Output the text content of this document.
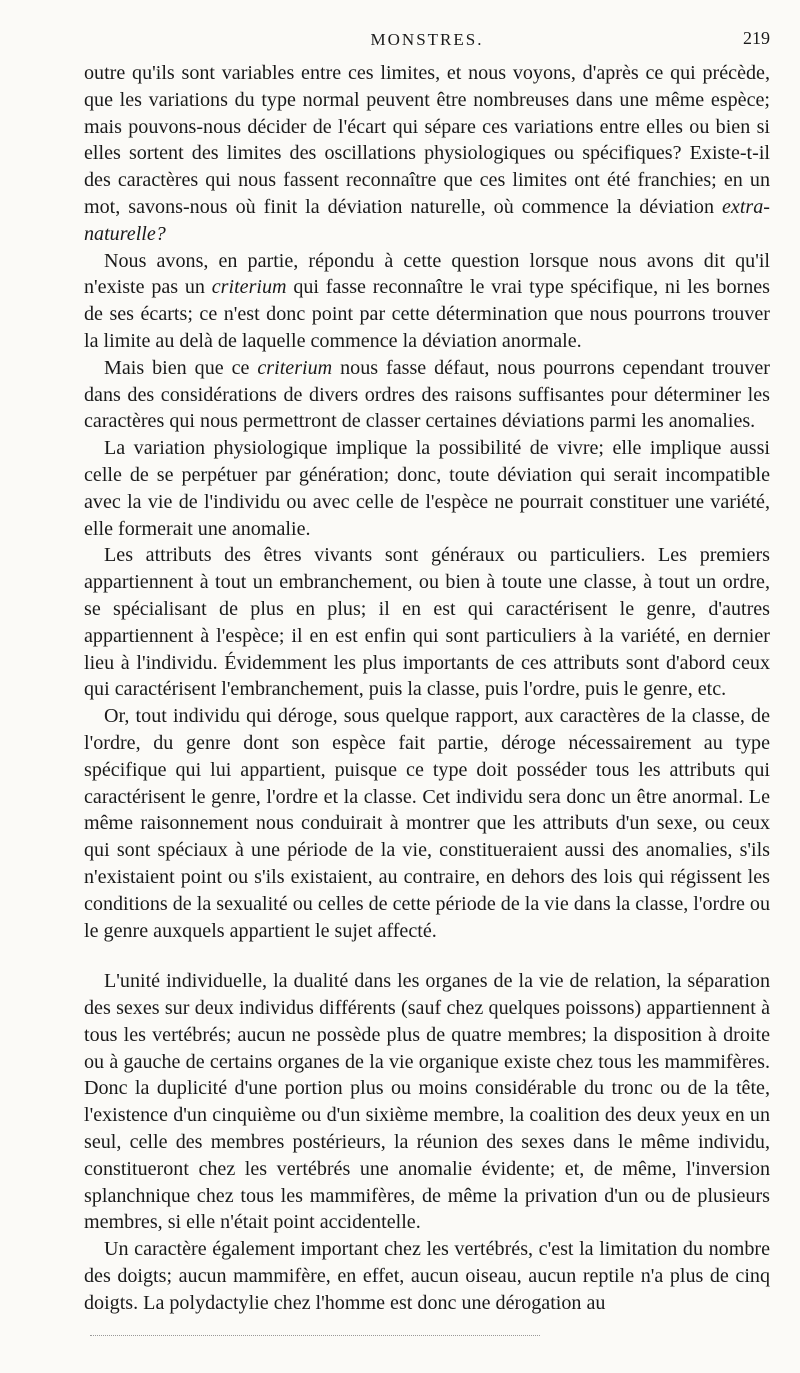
MONSTRES.	219

outre qu'ils sont variables entre ces limites, et nous voyons, d'après ce qui précède, que les variations du type normal peuvent être nombreuses dans une même espèce; mais pouvons-nous décider de l'écart qui sépare ces variations entre elles ou bien si elles sortent des limites des oscillations physiologiques ou spécifiques? Existe-t-il des caractères qui nous fassent reconnaître que ces limites ont été franchies; en un mot, savons-nous où finit la déviation naturelle, où commence la déviation extra-naturelle?

Nous avons, en partie, répondu à cette question lorsque nous avons dit qu'il n'existe pas un criterium qui fasse reconnaître le vrai type spécifique, ni les bornes de ses écarts; ce n'est donc point par cette détermination que nous pourrons trouver la limite au delà de laquelle commence la déviation anormale.

Mais bien que ce criterium nous fasse défaut, nous pourrons cependant trouver dans des considérations de divers ordres des raisons suffisantes pour déterminer les caractères qui nous permettront de classer certaines déviations parmi les anomalies.

La variation physiologique implique la possibilité de vivre; elle implique aussi celle de se perpétuer par génération; donc, toute déviation qui serait incompatible avec la vie de l'individu ou avec celle de l'espèce ne pourrait constituer une variété, elle formerait une anomalie.

Les attributs des êtres vivants sont généraux ou particuliers. Les premiers appartiennent à tout un embranchement, ou bien à toute une classe, à tout un ordre, se spécialisant de plus en plus; il en est qui caractérisent le genre, d'autres appartiennent à l'espèce; il en est enfin qui sont particuliers à la variété, en dernier lieu à l'individu. Évidemment les plus importants de ces attributs sont d'abord ceux qui caractérisent l'embranchement, puis la classe, puis l'ordre, puis le genre, etc.

Or, tout individu qui déroge, sous quelque rapport, aux caractères de la classe, de l'ordre, du genre dont son espèce fait partie, déroge nécessairement au type spécifique qui lui appartient, puisque ce type doit posséder tous les attributs qui caractérisent le genre, l'ordre et la classe. Cet individu sera donc un être anormal. Le même raisonnement nous conduirait à montrer que les attributs d'un sexe, ou ceux qui sont spéciaux à une période de la vie, constitueraient aussi des anomalies, s'ils n'existaient point ou s'ils existaient, au contraire, en dehors des lois qui régissent les conditions de la sexualité ou celles de cette période de la vie dans la classe, l'ordre ou le genre auxquels appartient le sujet affecté.

L'unité individuelle, la dualité dans les organes de la vie de relation, la séparation des sexes sur deux individus différents (sauf chez quelques poissons) appartiennent à tous les vertébrés; aucun ne possède plus de quatre membres; la disposition à droite ou à gauche de certains organes de la vie organique existe chez tous les mammifères. Donc la duplicité d'une portion plus ou moins considérable du tronc ou de la tête, l'existence d'un cinquième ou d'un sixième membre, la coalition des deux yeux en un seul, celle des membres postérieurs, la réunion des sexes dans le même individu, constitueront chez les vertébrés une anomalie évidente; et, de même, l'inversion splanchnique chez tous les mammifères, de même la privation d'un ou de plusieurs membres, si elle n'était point accidentelle.

Un caractère également important chez les vertébrés, c'est la limitation du nombre des doigts; aucun mammifère, en effet, aucun oiseau, aucun reptile n'a plus de cinq doigts. La polydactylie chez l'homme est donc une dérogation au
